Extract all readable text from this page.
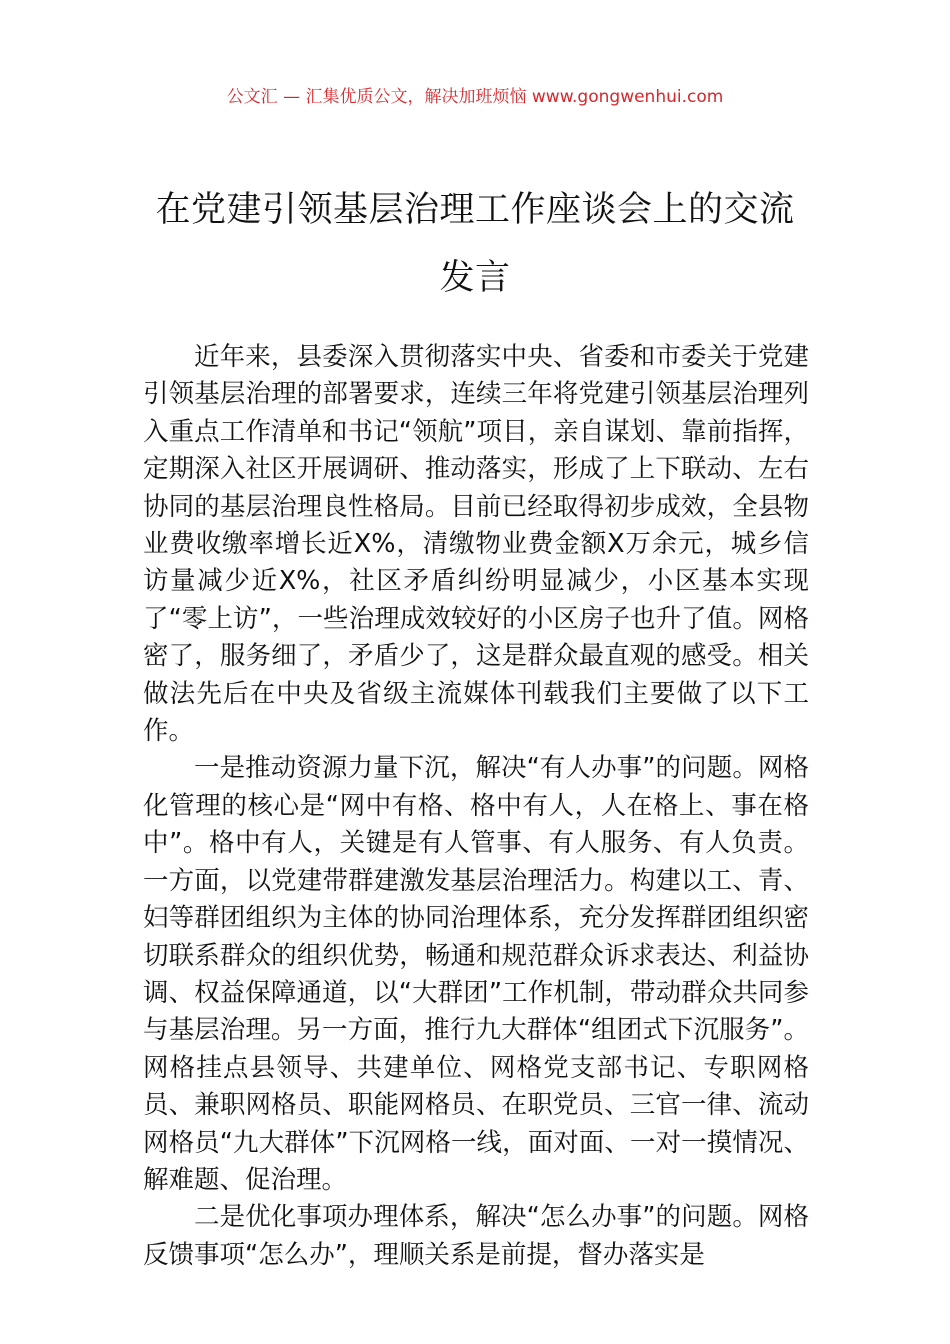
公文汇 — 汇集优质公文，解决加班烦恼 www.gongwenhui.com
在党建引领基层治理工作座谈会上的交流
发言

近年来，县委深入贯彻落实中央、省委和市委关于党建引领基层治理的部署要求，连续三年将党建引领基层治理列入重点工作清单和书记“领航”项目，亲自谋划、靠前指挥，定期深入社区开展调研、推动落实，形成了上下联动、左右协同的基层治理良性格局。目前已经取得初步成效，全县物业费收缴率增长近X%，清缴物业费金额X万余元，城乡信访量减少近X%，社区矛盾纠纷明显减少，小区基本实现了“零上访”，一些治理成效较好的小区房子也升了值。网格密了，服务细了，矛盾少了，这是群众最直观的感受。相关做法先后在中央及省级主流媒体刊载我们主要做了以下工作。

一是推动资源力量下沉，解决“有人办事”的问题。网格化管理的核心是“网中有格、格中有人，人在格上、事在格中”。格中有人，关键是有人管事、有人服务、有人负责。一方面，以党建带群建激发基层治理活力。构建以工、青、妇等群团组织为主体的协同治理体系，充分发挥群团组织密切联系群众的组织优势，畅通和规范群众诉求表达、利益协调、权益保障通道，以“大群团”工作机制，带动群众共同参与基层治理。另一方面，推行九大群体“组团式下沉服务”。网格挂点县领导、共建单位、网格党支部书记、专职网格员、兼职网格员、职能网格员、在职党员、三官一律、流动网格员“九大群体”下沉网格一线，面对面、一对一摸情况、解难题、促治理。

二是优化事项办理体系，解决“怎么办事”的问题。网格反馈事项“怎么办”，理顺关系是前提，督办落实是
